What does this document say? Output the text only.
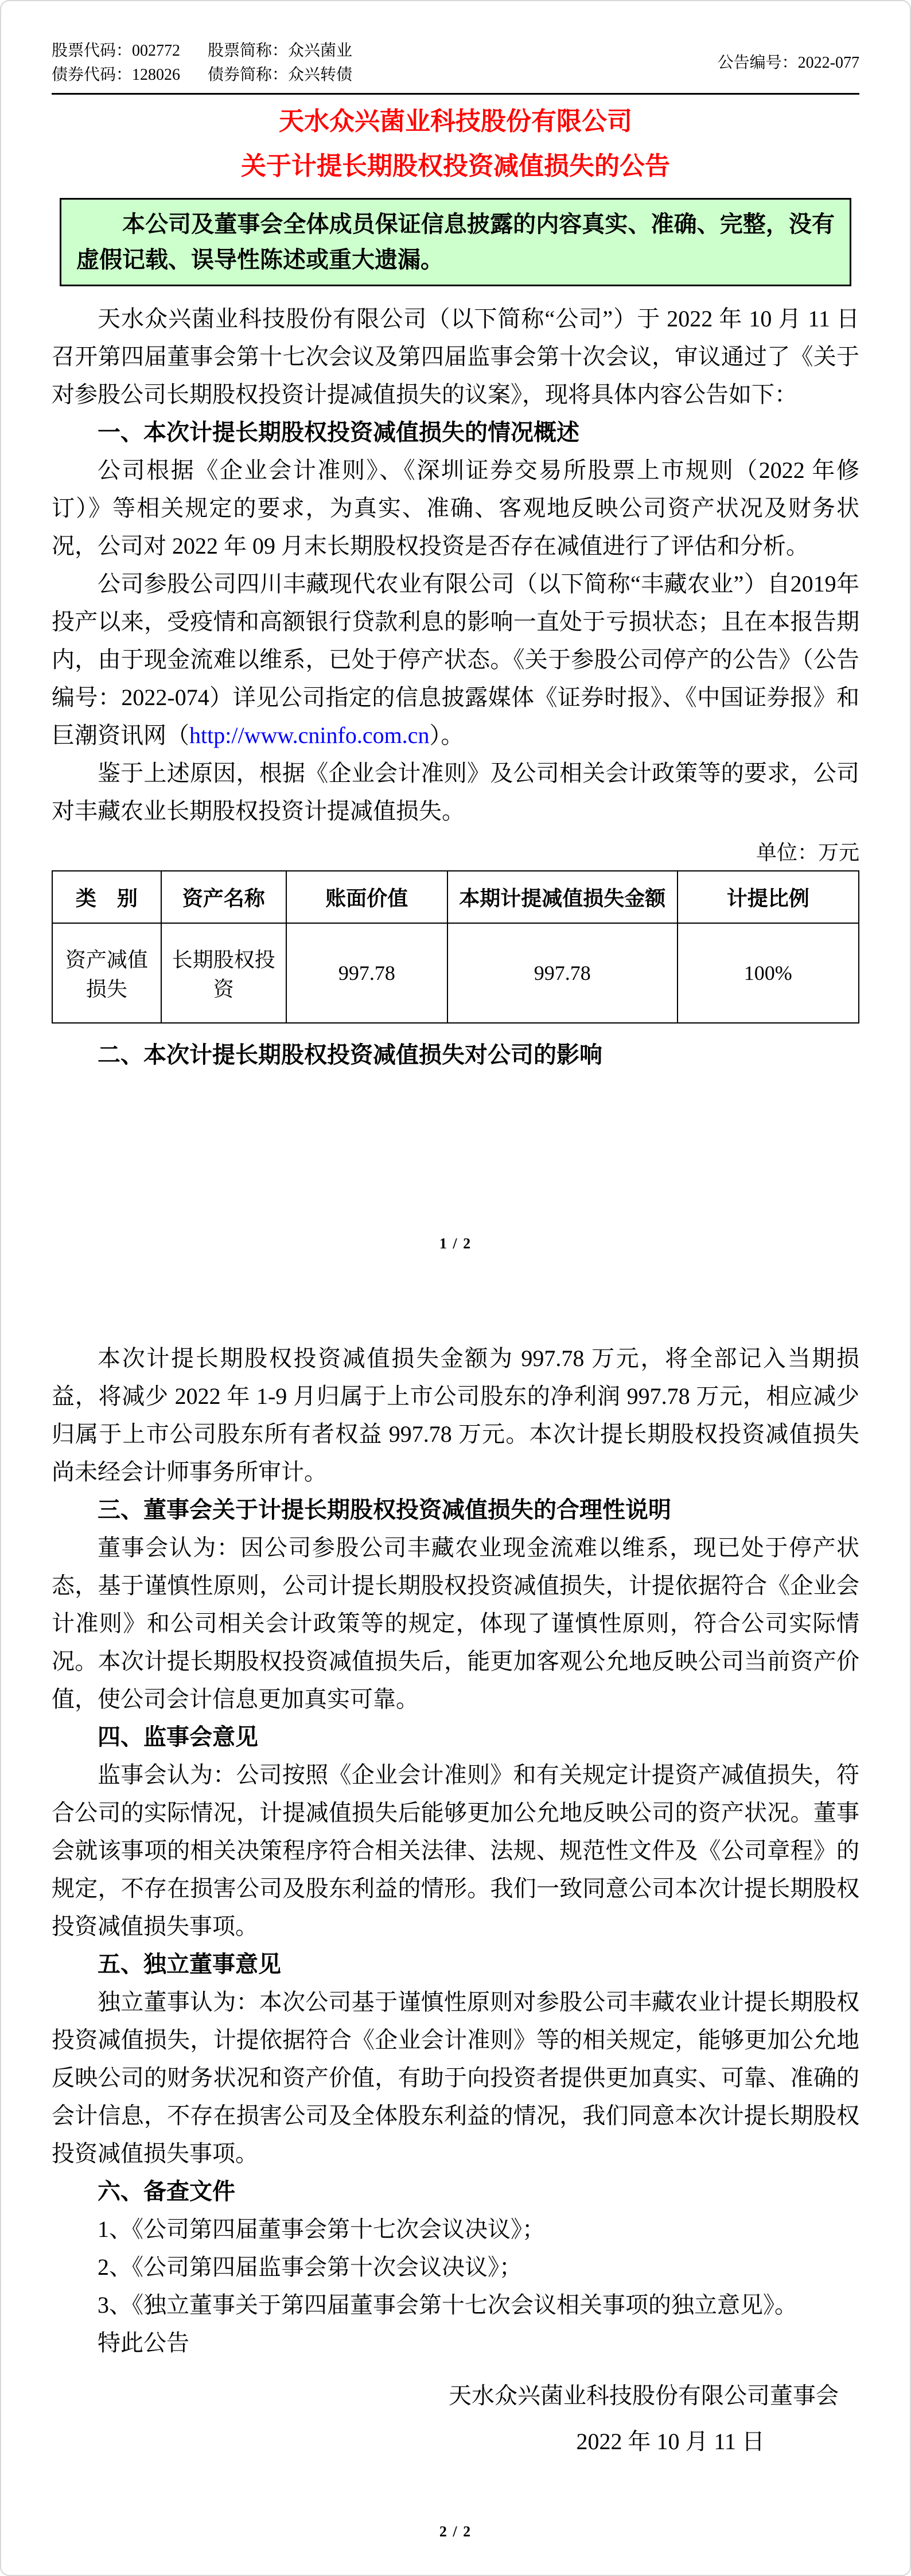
股票代码：002772
债券代码：128026
股票简称：众兴菌业
债券简称：众兴转债
公告编号：2022-077
天水众兴菌业科技股份有限公司
关于计提长期股权投资减值损失的公告
本公司及董事会全体成员保证信息披露的内容真实、准确、完整，没有虚假记载、误导性陈述或重大遗漏。

天水众兴菌业科技股份有限公司（以下简称“公司”）于 2022 年 10 月 11 日召开第四届董事会第十七次会议及第四届监事会第十次会议，审议通过了《关于对参股公司长期股权投资计提减值损失的议案》，现将具体内容公告如下：

一、本次计提长期股权投资减值损失的情况概述

公司根据《企业会计准则》、《深圳证券交易所股票上市规则（2022 年修订）》等相关规定的要求，为真实、准确、客观地反映公司资产状况及财务状况，公司对 2022 年 09 月末长期股权投资是否存在减值进行了评估和分析。

公司参股公司四川丰藏现代农业有限公司（以下简称“丰藏农业”）自2019年投产以来，受疫情和高额银行贷款利息的影响一直处于亏损状态；且在本报告期内，由于现金流难以维系，已处于停产状态。《关于参股公司停产的公告》（公告编号：2022-074）详见公司指定的信息披露媒体《证券时报》、《中国证券报》和巨潮资讯网（http://www.cninfo.com.cn）。

鉴于上述原因，根据《企业会计准则》及公司相关会计政策等的要求，公司对丰藏农业长期股权投资计提减值损失。

单位：万元
类　别	资产名称	账面价值	本期计提减值损失金额	计提比例
资产减值损失	长期股权投资	997.78	997.78	100%

二、本次计提长期股权投资减值损失对公司的影响

1 / 2

本次计提长期股权投资减值损失金额为 997.78 万元，将全部记入当期损益，将减少 2022 年 1-9 月归属于上市公司股东的净利润 997.78 万元，相应减少归属于上市公司股东所有者权益 997.78 万元。本次计提长期股权投资减值损失尚未经会计师事务所审计。

三、董事会关于计提长期股权投资减值损失的合理性说明

董事会认为：因公司参股公司丰藏农业现金流难以维系，现已处于停产状态，基于谨慎性原则，公司计提长期股权投资减值损失，计提依据符合《企业会计准则》和公司相关会计政策等的规定，体现了谨慎性原则，符合公司实际情况。本次计提长期股权投资减值损失后，能更加客观公允地反映公司当前资产价值，使公司会计信息更加真实可靠。

四、监事会意见

监事会认为：公司按照《企业会计准则》和有关规定计提资产减值损失，符合公司的实际情况，计提减值损失后能够更加公允地反映公司的资产状况。董事会就该事项的相关决策程序符合相关法律、法规、规范性文件及《公司章程》的规定，不存在损害公司及股东利益的情形。我们一致同意公司本次计提长期股权投资减值损失事项。

五、独立董事意见

独立董事认为：本次公司基于谨慎性原则对参股公司丰藏农业计提长期股权投资减值损失，计提依据符合《企业会计准则》等的相关规定，能够更加公允地反映公司的财务状况和资产价值，有助于向投资者提供更加真实、可靠、准确的会计信息，不存在损害公司及全体股东利益的情况，我们同意本次计提长期股权投资减值损失事项。

六、备查文件

1、《公司第四届董事会第十七次会议决议》；

2、《公司第四届监事会第十次会议决议》；

3、《独立董事关于第四届董事会第十七次会议相关事项的独立意见》。

特此公告

天水众兴菌业科技股份有限公司董事会

2022 年 10 月 11 日

2 / 2
